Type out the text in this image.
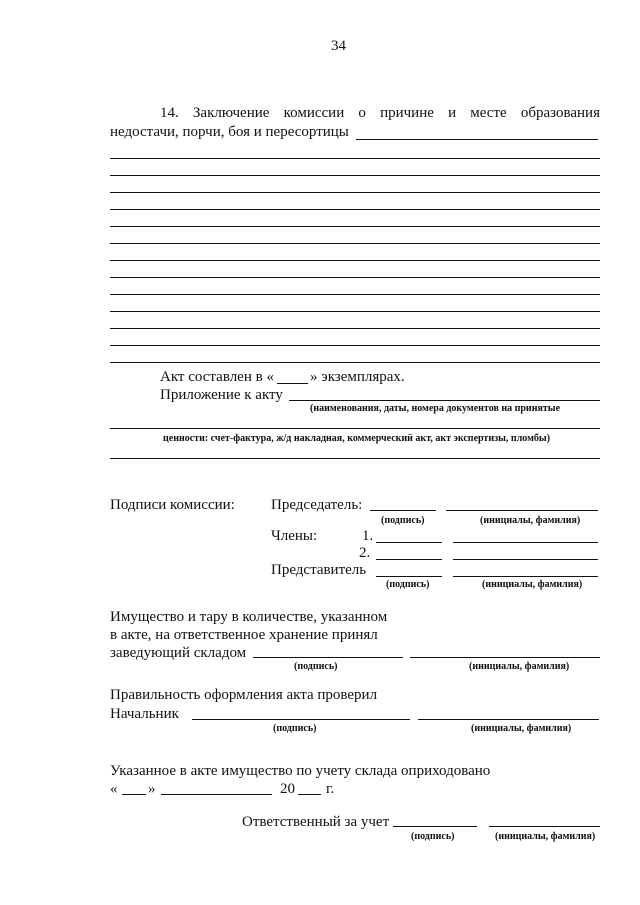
34
14. Заключение комиссии о причине и месте образования
недостачи, порчи, боя и пересортицы
Акт составлен в « » экземплярах.
Приложение к акту
(наименования, даты, номера документов на принятые
ценности: счет-фактура, ж/д накладная, коммерческий акт, акт экспертизы, пломбы)
Подписи комиссии: Председатель:
(подпись)	(инициалы, фамилия)
Члены:	1.
2.
Представитель
(подпись)	(инициалы, фамилия)
Имущество и тару в количестве, указанном
в акте, на ответственное хранение принял
заведующий складом
(подпись)	(инициалы, фамилия)
Правильность оформления акта проверил
Начальник
(подпись)	(инициалы, фамилия)
Указанное в акте имущество по учету склада оприходовано
« »	20 г.
Ответственный за учет
(подпись)	(инициалы, фамилия)
